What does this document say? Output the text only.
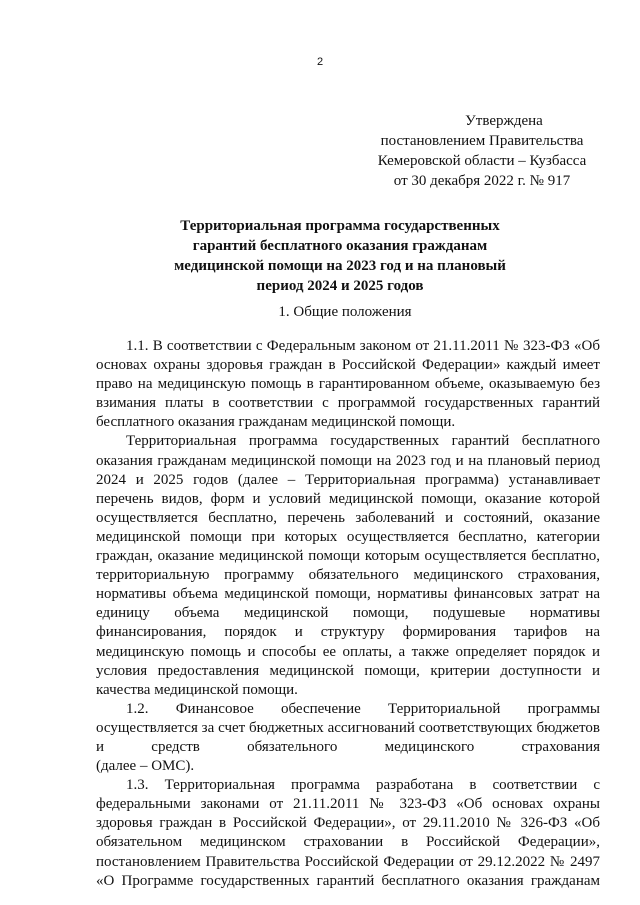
2
Утверждена
постановлением Правительства
Кемеровской области – Кузбасса
от 30 декабря 2022 г. № 917
Территориальная программа государственных
гарантий бесплатного оказания гражданам
медицинской помощи на 2023 год и на плановый
период 2024 и 2025 годов
1. Общие положения
1.1. В соответствии с Федеральным законом от 21.11.2011 № 323-ФЗ «Об
основах охраны здоровья граждан в Российской Федерации» каждый имеет
право на медицинскую помощь в гарантированном объеме, оказываемую без
взимания платы в соответствии с программой государственных гарантий
бесплатного оказания гражданам медицинской помощи.
Территориальная программа государственных гарантий бесплатного
оказания гражданам медицинской помощи на 2023 год и на плановый период
2024 и 2025 годов (далее – Территориальная программа) устанавливает
перечень видов, форм и условий медицинской помощи, оказание которой
осуществляется бесплатно, перечень заболеваний и состояний, оказание
медицинской помощи при которых осуществляется бесплатно, категории
граждан, оказание медицинской помощи которым осуществляется бесплатно,
территориальную программу обязательного медицинского страхования,
нормативы объема медицинской помощи, нормативы финансовых затрат на
единицу объема медицинской помощи, подушевые нормативы
финансирования, порядок и структуру формирования тарифов на
медицинскую помощь и способы ее оплаты, а также определяет порядок и
условия предоставления медицинской помощи, критерии доступности и
качества медицинской помощи.
1.2. Финансовое обеспечение Территориальной программы
осуществляется за счет бюджетных ассигнований соответствующих бюджетов
и средств обязательного медицинского страхования
(далее – ОМС).
1.3. Территориальная программа разработана в соответствии с
федеральными законами от 21.11.2011 № 323-ФЗ «Об основах охраны
здоровья граждан в Российской Федерации», от 29.11.2010 № 326-ФЗ «Об
обязательном медицинском страховании в Российской Федерации»,
постановлением Правительства Российской Федерации от 29.12.2022 № 2497
«О Программе государственных гарантий бесплатного оказания гражданам
